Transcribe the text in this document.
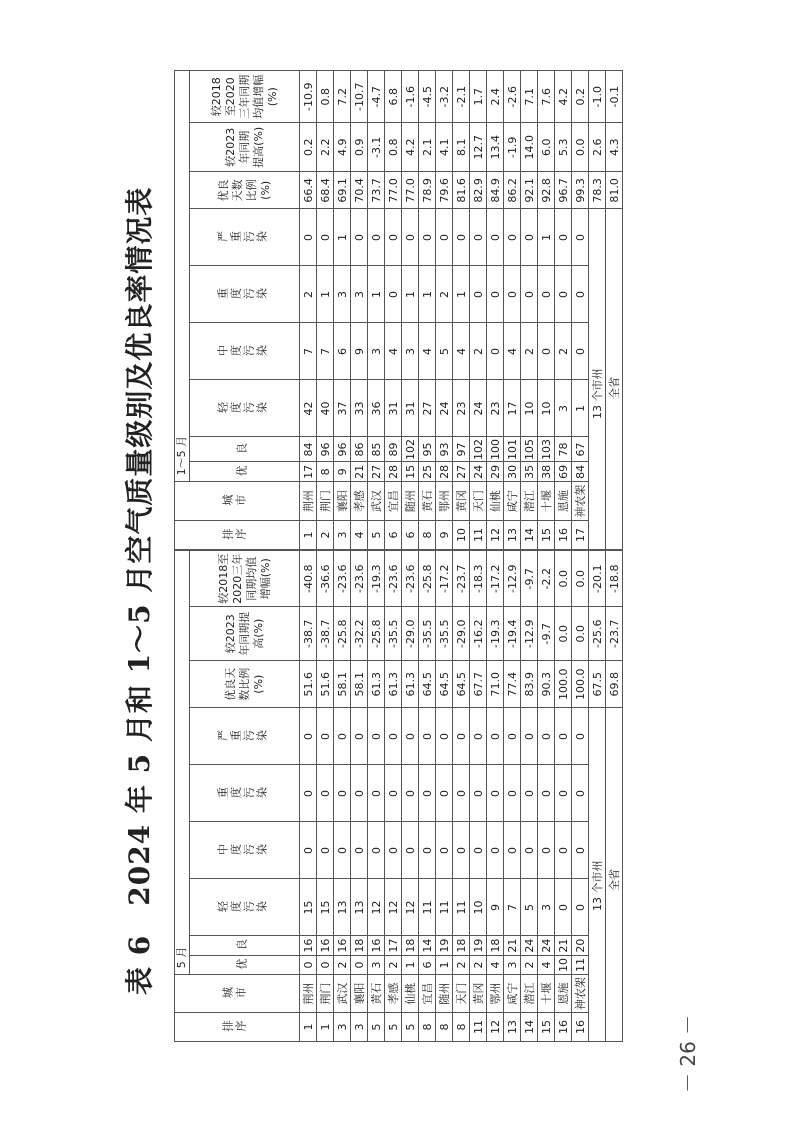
表 6　2024 年 5 月和 1～5 月空气质量级别及优良率情况表
－ 26 －
排序	城市	5 月								
		优	良	轻度污染	中度污染	重度污染	严重污染	优良天数比例(%)	较2023年同期提高(%)	较2018至2020三年同期均值增幅(%)

1	荆州	0	16	15	0	0	0	51.6	-38.7	-40.8
1	荆门	0	16	15	0	0	0	51.6	-38.7	-36.6
3	武汉	2	16	13	0	0	0	58.1	-25.8	-23.6
3	襄阳	0	18	13	0	0	0	58.1	-32.2	-23.6
5	黄石	3	16	12	0	0	0	61.3	-25.8	-19.3
5	孝感	2	17	12	0	0	0	61.3	-35.5	-23.6
5	仙桃	1	18	12	0	0	0	61.3	-29.0	-23.6
8	宜昌	6	14	11	0	0	0	64.5	-35.5	-25.8
8	随州	1	19	11	0	0	0	64.5	-35.5	-17.2
8	天门	2	18	11	0	0	0	64.5	-29.0	-23.7
11	黄冈	2	19	10	0	0	0	67.7	-16.2	-18.3
12	鄂州	4	18	9	0	0	0	71.0	-19.3	-17.2
13	咸宁	3	21	7	0	0	0	77.4	-19.4	-12.9
14	潜江	2	24	5	0	0	0	83.9	-12.9	-9.7
15	十堰	4	24	3	0	0	0	90.3	-9.7	-2.2
16	恩施	10	21	0	0	0	0	100.0	0.0	0.0
16	神农架	11	20	0	0	0	0	100.0	0.0	0.0
13 个市州								67.5	-25.6	-20.1
全省								69.8	-23.7	-18.8
排序	城市	1～5 月								
		优	良	轻度污染	中度污染	重度污染	严重污染	优良天数比例(%)	较2023年同期提高(%)	较2018至2020三年同期均值增幅(%)

1	荆州	17	84	42	7	2	0	66.4	0.2	-10.9
2	荆门	8	96	40	7	1	0	68.4	2.2	0.8
3	襄阳	9	96	37	6	3	1	69.1	4.9	7.2
4	孝感	21	86	33	9	3	0	70.4	0.9	-10.7
5	武汉	27	85	36	3	1	0	73.7	-3.1	-4.7
6	宜昌	28	89	31	4	0	0	77.0	0.8	6.8
6	随州	15	102	31	3	1	0	77.0	4.2	-1.6
8	黄石	25	95	27	4	1	0	78.9	2.1	-4.5
9	鄂州	28	93	24	5	2	0	79.6	4.1	-3.2
10	黄冈	27	97	23	4	1	0	81.6	8.1	-2.1
11	天门	24	102	24	2	0	0	82.9	12.7	1.7
12	仙桃	29	100	23	0	0	0	84.9	13.4	2.4
13	咸宁	30	101	17	4	0	0	86.2	-1.9	-2.6
14	潜江	35	105	10	2	0	0	92.1	14.0	7.1
15	十堰	38	103	10	0	0	1	92.8	6.0	7.6
16	恩施	69	78	3	2	0	0	96.7	5.3	4.2
17	神农架	84	67	1	0	0	0	99.3	0.0	0.2
13 个市州								78.3	2.6	-1.0
全省								81.0	4.3	-0.1
